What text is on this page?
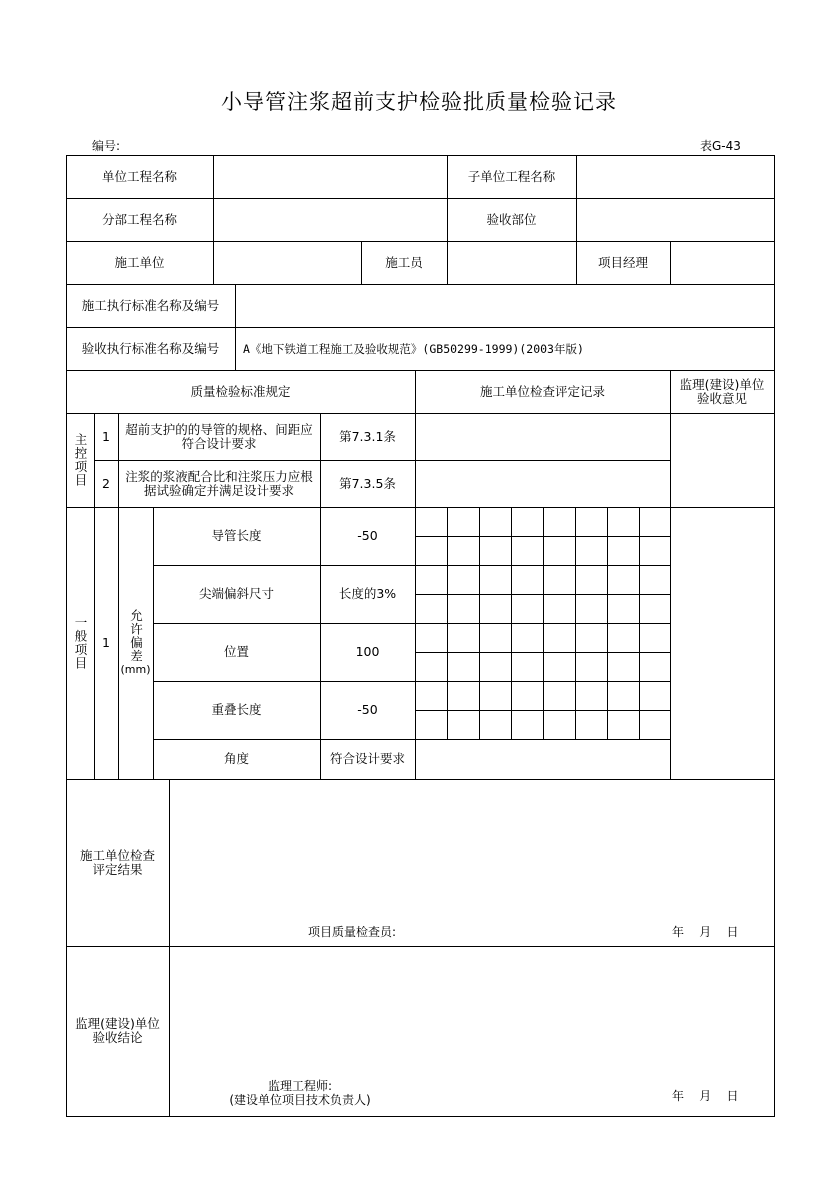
小导管注浆超前支护检验批质量检验记录
编号:	表G-43
单位工程名称	子单位工程名称
分部工程名称	验收部位
施工单位	施工员	项目经理
施工执行标准名称及编号
验收执行标准名称及编号	A《地下铁道工程施工及验收规范》(GB50299-1999)(2003年版)
质量检验标准规定	施工单位检查评定记录	监理(建设)单位
验收意见
主控项目	1	超前支护的的导管的规格、间距应
符合设计要求	第7.3.1条
2	注浆的浆液配合比和注浆压力应根
据试验确定并满足设计要求	第7.3.5条
一般项目	1	允许偏差
(mm)
导管长度	-50
尖端偏斜尺寸	长度的3%
位置	100
重叠长度	-50
角度	符合设计要求
施工单位检查
评定结果
项目质量检查员:	年    月    日
监理(建设)单位
验收结论
监理工程师:
(建设单位项目技术负责人)	年    月    日
